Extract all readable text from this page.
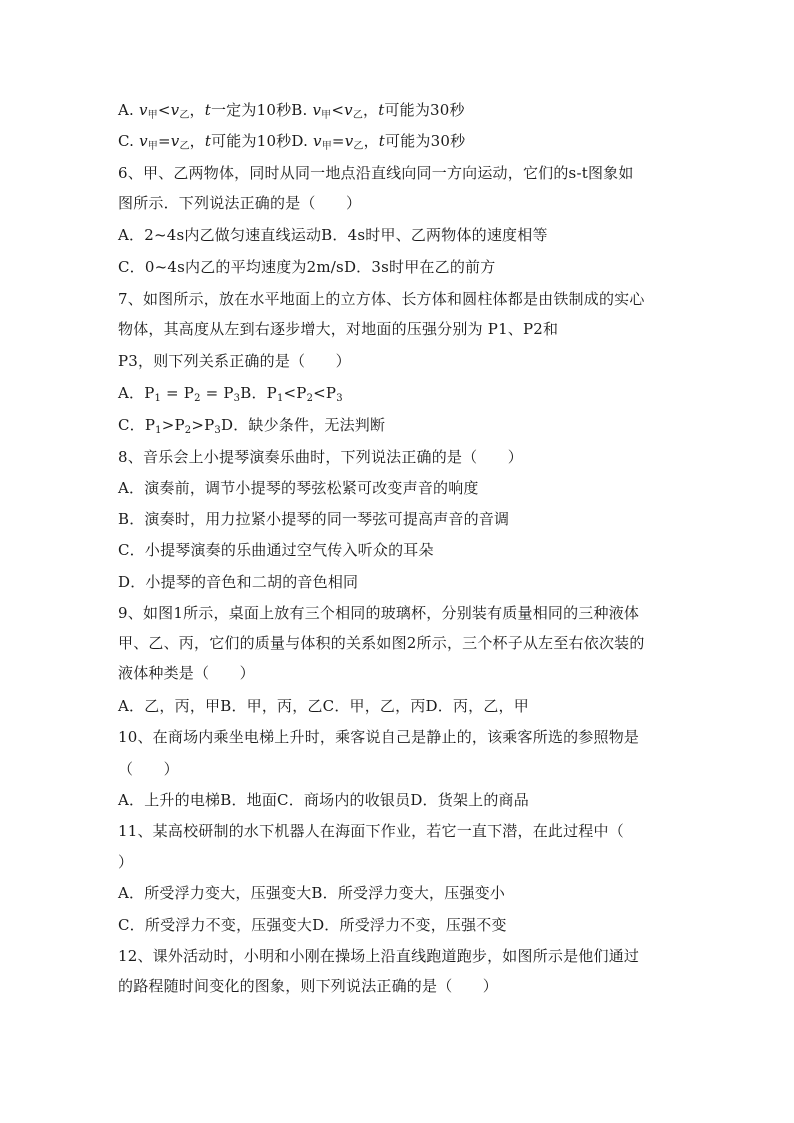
A. $v_甲<v_乙$，t一定为10秒B. $v_甲<v_乙$，t可能为30秒
C. $v_甲=v_乙$，t可能为10秒D. $v_甲=v_乙$，t可能为30秒
6、甲、乙两物体，同时从同一地点沿直线向同一方向运动，它们的s-t图象如
图所示．下列说法正确的是（　　）
A．2~4s内乙做匀速直线运动B．4s时甲、乙两物体的速度相等
C．0~4s内乙的平均速度为2m/sD．3s时甲在乙的前方
7、如图所示，放在水平地面上的立方体、长方体和圆柱体都是由铁制成的实心
物体，其高度从左到右逐步增大，对地面的压强分别为 P1、P2和
P3，则下列关系正确的是（　　）
A．$P_1 = P_2 = P_3B$．$P_1<P_2<P_3$
C．$P_1>P_2>P_3D$．缺少条件，无法判断
8、音乐会上小提琴演奏乐曲时，下列说法正确的是（　　）
A．演奏前，调节小提琴的琴弦松紧可改变声音的响度
B．演奏时，用力拉紧小提琴的同一琴弦可提高声音的音调
C．小提琴演奏的乐曲通过空气传入听众的耳朵
D．小提琴的音色和二胡的音色相同
9、如图1所示，桌面上放有三个相同的玻璃杯，分别装有质量相同的三种液体
甲、乙、丙，它们的质量与体积的关系如图2所示，三个杯子从左至右依次装的
液体种类是（　　）
A．乙，丙，甲B．甲，丙，乙C．甲，乙，丙D．丙，乙，甲
10、在商场内乘坐电梯上升时，乘客说自己是静止的，该乘客所选的参照物是
（　　）
A．上升的电梯B．地面C．商场内的收银员D．货架上的商品
11、某高校研制的水下机器人在海面下作业，若它一直下潜，在此过程中（
）
A．所受浮力变大，压强变大B．所受浮力变大，压强变小
C．所受浮力不变，压强变大D．所受浮力不变，压强不变
12、课外活动时，小明和小刚在操场上沿直线跑道跑步，如图所示是他们通过
的路程随时间变化的图象，则下列说法正确的是（　　）
